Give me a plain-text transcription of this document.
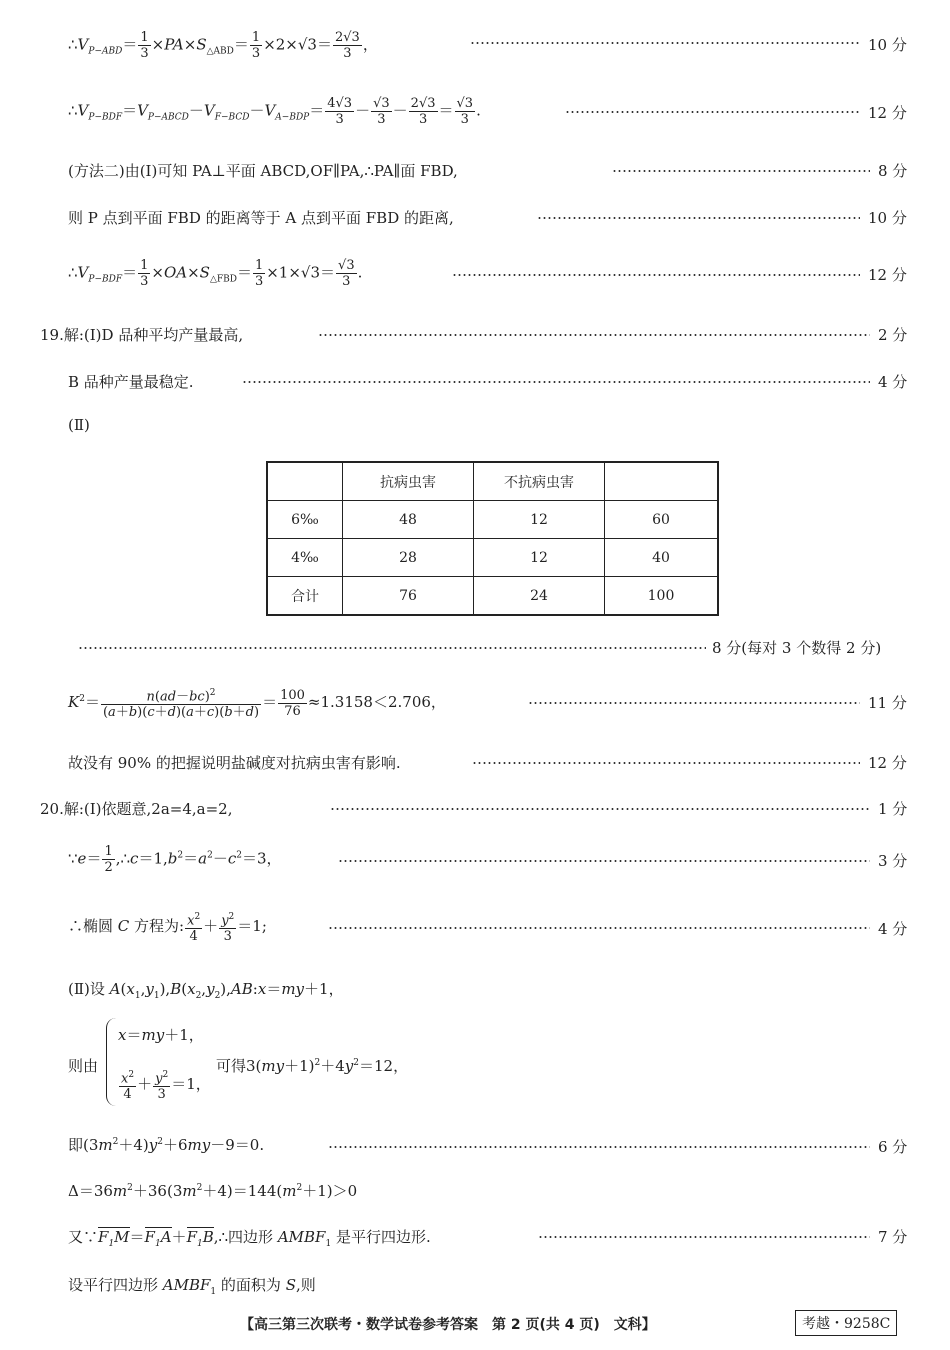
$\therefore V_{P-ABD}= \frac{1}{3} \times PA\times S_{\triangle ABD}= \frac{1}{3} \times 2\times√3= \frac{2√3}{3}$ ，	10 分
$\therefore V_{P-BDF}=V_{P-ABCD}-V_{F-BCD}-V_{A-BDP}= \frac{4√3}{3} - \frac{√3}{3} - \frac{2√3}{3} = \frac{√3}{3}$ .	12 分
(方法二)由(Ⅰ)可知 PA⊥平面 ABCD,OF∥PA,∴PA∥面 FBD,	8 分
则 P 点到平面 FBD 的距离等于 A 点到平面 FBD 的距离,	10 分
$\therefore V_{P-BDF}= \frac{1}{3} \times OA\times S_{\triangle FBD}= \frac{1}{3} \times 1\times√3= \frac{√3}{3}$ .	12 分
19.解:(Ⅰ)D 品种平均产量最高,	2 分
B 品种产量最稳定.	4 分
(Ⅱ)
	抗病虫害	不抗病虫害	
6‰	48	12	60
4‰	28	12	40
合计	76	24	100
8 分(每对 3 个数得 2 分)
$K^2= \frac{n(ad-bc)^2}{(a+b)(c+d)(a+c)(b+d)} = \frac{100}{76} \approx 1.3158<2.706$，	11 分
故没有 90% 的把握说明盐碱度对抗病虫害有影响.	12 分
20.解:(Ⅰ)依题意,2a=4,a=2,	1 分
∵e＝ $\frac{1}{2}$ $,\therefore c=1,b^2=a^2-c^2=3$，	3 分
∴椭圆 C 方程为: $\frac{x^2}{4} + \frac{y^2}{3} =1$;	4 分
(Ⅱ)设 $A(x_1,y_1),B(x_2,y_2),AB:x=my+1$，
则由
x＝my＋1，
$\frac{x^2}{4} + \frac{y^2}{3} =1$，
可得$3(my+1)^2+4y^2=12$，
即$(3m^2+4)y^2+6my-9=0$.	6 分
$\Delta=36m^2+36(3m^2+4)=144(m^2+1)>0$
又$\because F_1M=F_1A+F_1B,\therefore$四边形 $AMBF_1$ 是平行四边形.	7 分
设平行四边形 $AMBF_1$ 的面积为 S,则
【高三第三次联考・数学试卷参考答案　第 2 页(共 4 页)　文科】	考越・9258C
